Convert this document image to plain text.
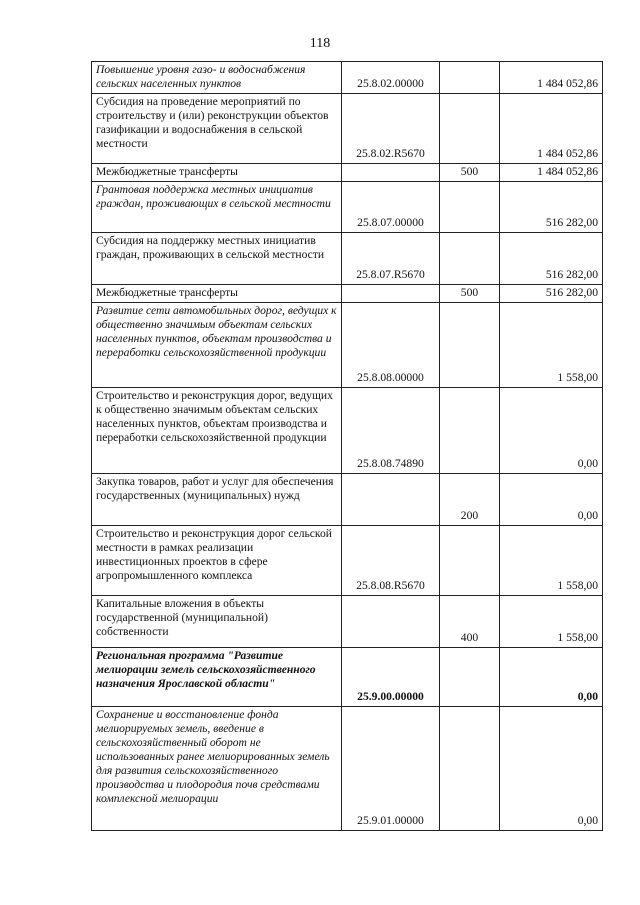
118
Повышение уровня газо- и водоснабжения сельских населенных пунктов	25.8.02.00000		1 484 052,86
Субсидия на проведение мероприятий по строительству и (или) реконструкции объектов газификации и водоснабжения в сельской местности	25.8.02.R5670		1 484 052,86
Межбюджетные трансферты		500	1 484 052,86
Грантовая поддержка местных инициатив граждан, проживающих в сельской местности	25.8.07.00000		516 282,00
Субсидия на поддержку местных инициатив граждан, проживающих в сельской местности	25.8.07.R5670		516 282,00
Межбюджетные трансферты		500	516 282,00
Развитие сети автомобильных дорог, ведущих к общественно значимым объектам сельских населенных пунктов, объектам производства и переработки сельскохозяйственной продукции	25.8.08.00000		1 558,00
Строительство и реконструкция дорог, ведущих к общественно значимым объектам сельских населенных пунктов, объектам производства и переработки сельскохозяйственной продукции	25.8.08.74890		0,00
Закупка товаров, работ и услуг для обеспечения государственных (муниципальных) нужд		200	0,00
Строительство и реконструкция дорог сельской местности в рамках реализации инвестиционных проектов в сфере агропромышленного комплекса	25.8.08.R5670		1 558,00
Капитальные вложения в объекты государственной (муниципальной) собственности		400	1 558,00
Региональная программа "Развитие мелиорации земель сельскохозяйственного назначения Ярославской области"	25.9.00.00000		0,00
Сохранение и восстановление фонда мелиорируемых земель, введение в сельскохозяйственный оборот не использованных ранее мелиорированных земель для развития сельскохозяйственного производства и плодородия почв средствами комплексной мелиорации	25.9.01.00000		0,00
